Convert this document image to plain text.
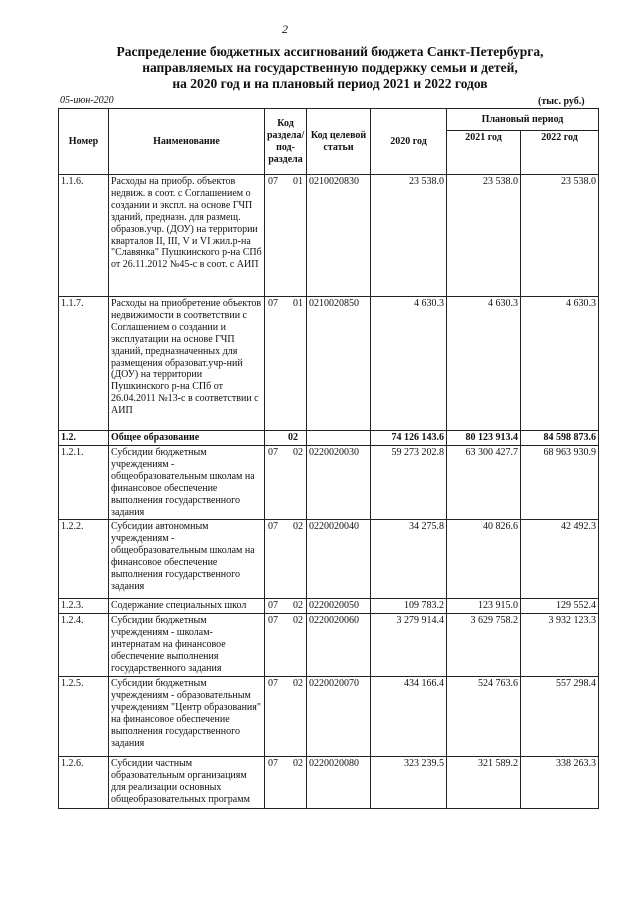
2
Распределение бюджетных ассигнований бюджета Санкт-Петербурга,
направляемых на государственную поддержку семьи и детей,
на 2020 год и на плановый период 2021 и 2022 годов
05-июн-2020	(тыс. руб.)
Номер	Наименование	Код раздела/ под-раздела	Код целевой статьи	2020 год	Плановый период	
					2021 год	2022 год
1.1.6.	Расходы на приобр. объектов недвиж. в соот. с Соглашением о создании и экспл. на основе ГЧП зданий, предназн. для размещ. образов.учр. (ДОУ) на территории кварталов II, III, V и VI жил.р-на "Славянка" Пушкинского р-на СПб от 26.11.2012 №45-с в соот. с АИП	07 01	0210020830	23 538.0	23 538.0	23 538.0
1.1.7.	Расходы на приобретение объектов недвижимости в соответствии с Соглашением о создании и эксплуатации на основе ГЧП зданий, предназначенных для размещения образоват.учр-ний (ДОУ) на территории Пушкинского р-на СПб от 26.04.2011 №13-с в соответствии с АИП	07 01	0210020850	4 630.3	4 630.3	4 630.3
1.2.	Общее образование	02		74 126 143.6	80 123 913.4	84 598 873.6
1.2.1.	Субсидии бюджетным учреждениям - общеобразовательным школам на финансовое обеспечение выполнения государственного задания	07 02	0220020030	59 273 202.8	63 300 427.7	68 963 930.9
1.2.2.	Субсидии автономным учреждениям - общеобразовательным школам на финансовое обеспечение выполнения государственного задания	07 02	0220020040	34 275.8	40 826.6	42 492.3
1.2.3.	Содержание специальных школ	07 02	0220020050	109 783.2	123 915.0	129 552.4
1.2.4.	Субсидии бюджетным учреждениям - школам-интернатам на финансовое обеспечение выполнения государственного задания	07 02	0220020060	3 279 914.4	3 629 758.2	3 932 123.3
1.2.5.	Субсидии бюджетным учреждениям - образовательным учреждениям "Центр образования" на финансовое обеспечение выполнения государственного задания	07 02	0220020070	434 166.4	524 763.6	557 298.4
1.2.6.	Субсидии частным образовательным организациям для реализации основных общеобразовательных программ	07 02	0220020080	323 239.5	321 589.2	338 263.3
